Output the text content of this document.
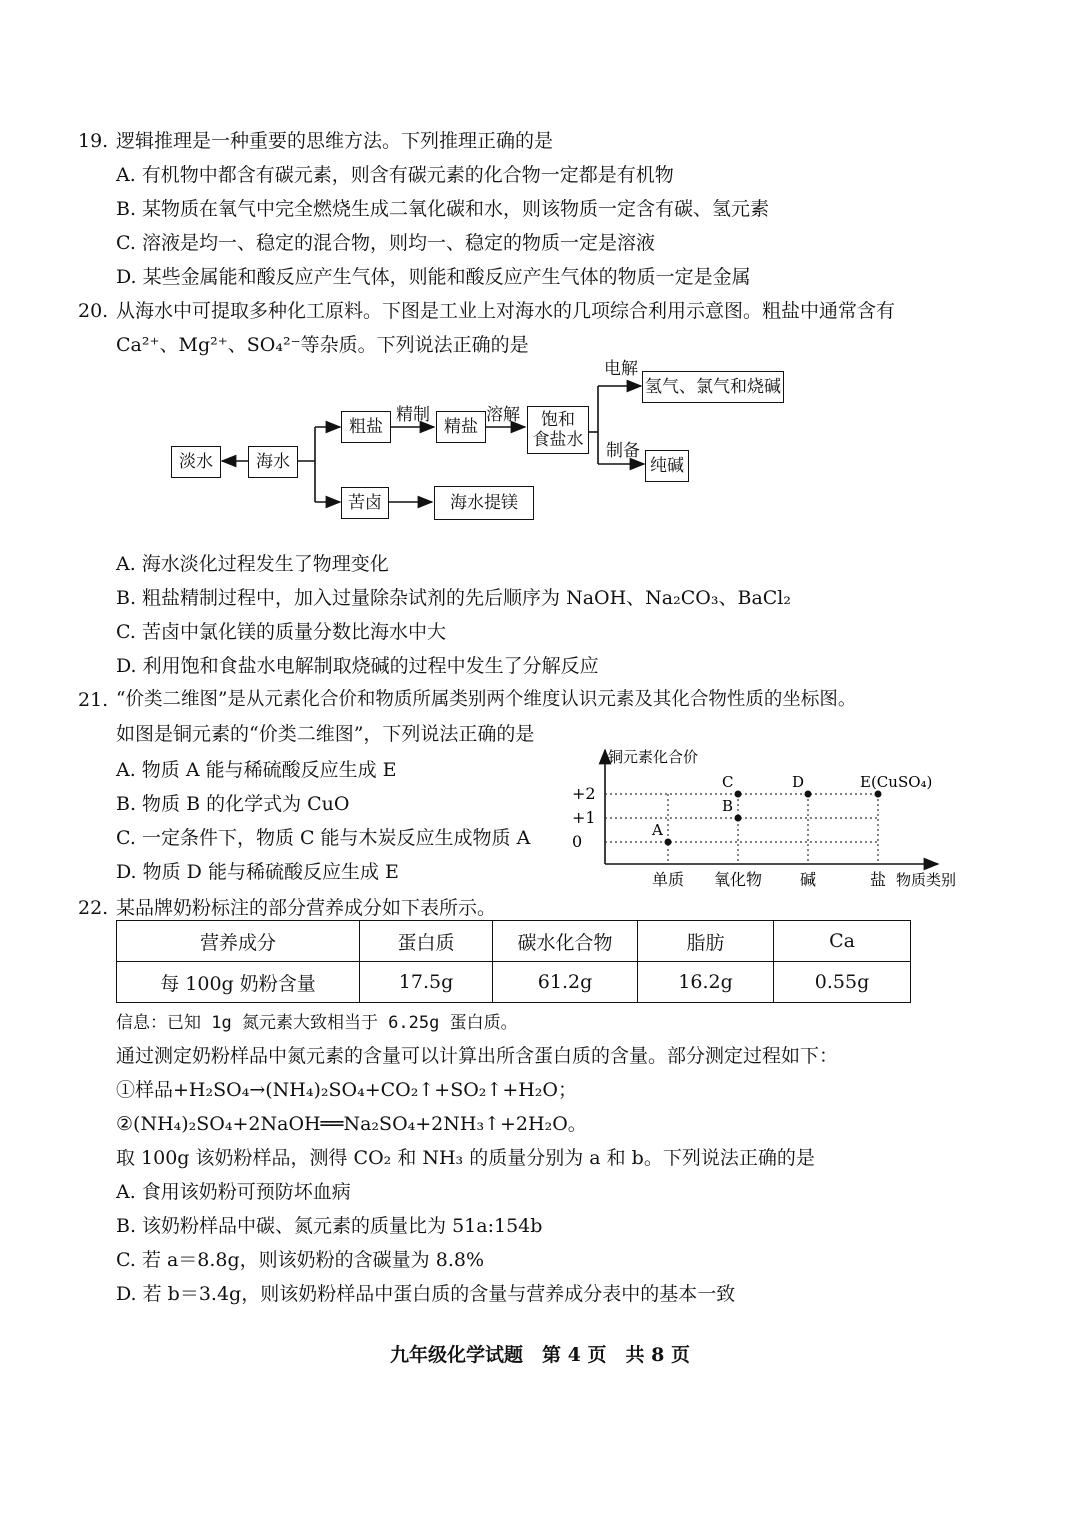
19. 逻辑推理是一种重要的思维方法。下列推理正确的是
A. 有机物中都含有碳元素，则含有碳元素的化合物一定都是有机物
B. 某物质在氧气中完全燃烧生成二氧化碳和水，则该物质一定含有碳、氢元素
C. 溶液是均一、稳定的混合物，则均一、稳定的物质一定是溶液
D. 某些金属能和酸反应产生气体，则能和酸反应产生气体的物质一定是金属
20. 从海水中可提取多种化工原料。下图是工业上对海水的几项综合利用示意图。粗盐中通常含有
Ca²⁺、Mg²⁺、SO₄²⁻等杂质。下列说法正确的是
淡水	海水
粗盐
精制
精盐
溶解 饱和
食盐水
电解
氢气、氯气和烧碱
制备
纯碱
苦卤	海水提镁
A. 海水淡化过程发生了物理变化
B. 粗盐精制过程中，加入过量除杂试剂的先后顺序为 NaOH、Na₂CO₃、BaCl₂
C. 苦卤中氯化镁的质量分数比海水中大
D. 利用饱和食盐水电解制取烧碱的过程中发生了分解反应
21. “价类二维图”是从元素化合价和物质所属类别两个维度认识元素及其化合物性质的坐标图。
如图是铜元素的“价类二维图”，下列说法正确的是
A. 物质 A 能与稀硫酸反应生成 E
B. 物质 B 的化学式为 CuO
C. 一定条件下，物质 C 能与木炭反应生成物质 A
D. 物质 D 能与稀硫酸反应生成 E
铜元素化合价
物质类别
+2
+1
0
单质 氧化物 碱	盐
A
B
C	D	E(CuSO₄)
22. 某品牌奶粉标注的部分营养成分如下表所示。
营养成分	蛋白质	碳水化合物	脂肪	Ca
每 100g 奶粉含量	17.5g	61.2g	16.2g	0.55g
信息：已知 1g 氮元素大致相当于 6.25g 蛋白质。
通过测定奶粉样品中氮元素的含量可以计算出所含蛋白质的含量。部分测定过程如下：
①样品+H₂SO₄→(NH₄)₂SO₄+CO₂↑+SO₂↑+H₂O；
②(NH₄)₂SO₄+2NaOH══Na₂SO₄+2NH₃↑+2H₂O。
取 100g 该奶粉样品，测得 CO₂ 和 NH₃ 的质量分别为 a 和 b。下列说法正确的是
A. 食用该奶粉可预防坏血病
B. 该奶粉样品中碳、氮元素的质量比为 51a:154b
C. 若 a＝8.8g，则该奶粉的含碳量为 8.8%
D. 若 b＝3.4g，则该奶粉样品中蛋白质的含量与营养成分表中的基本一致
九年级化学试题　第 4 页　共 8 页
